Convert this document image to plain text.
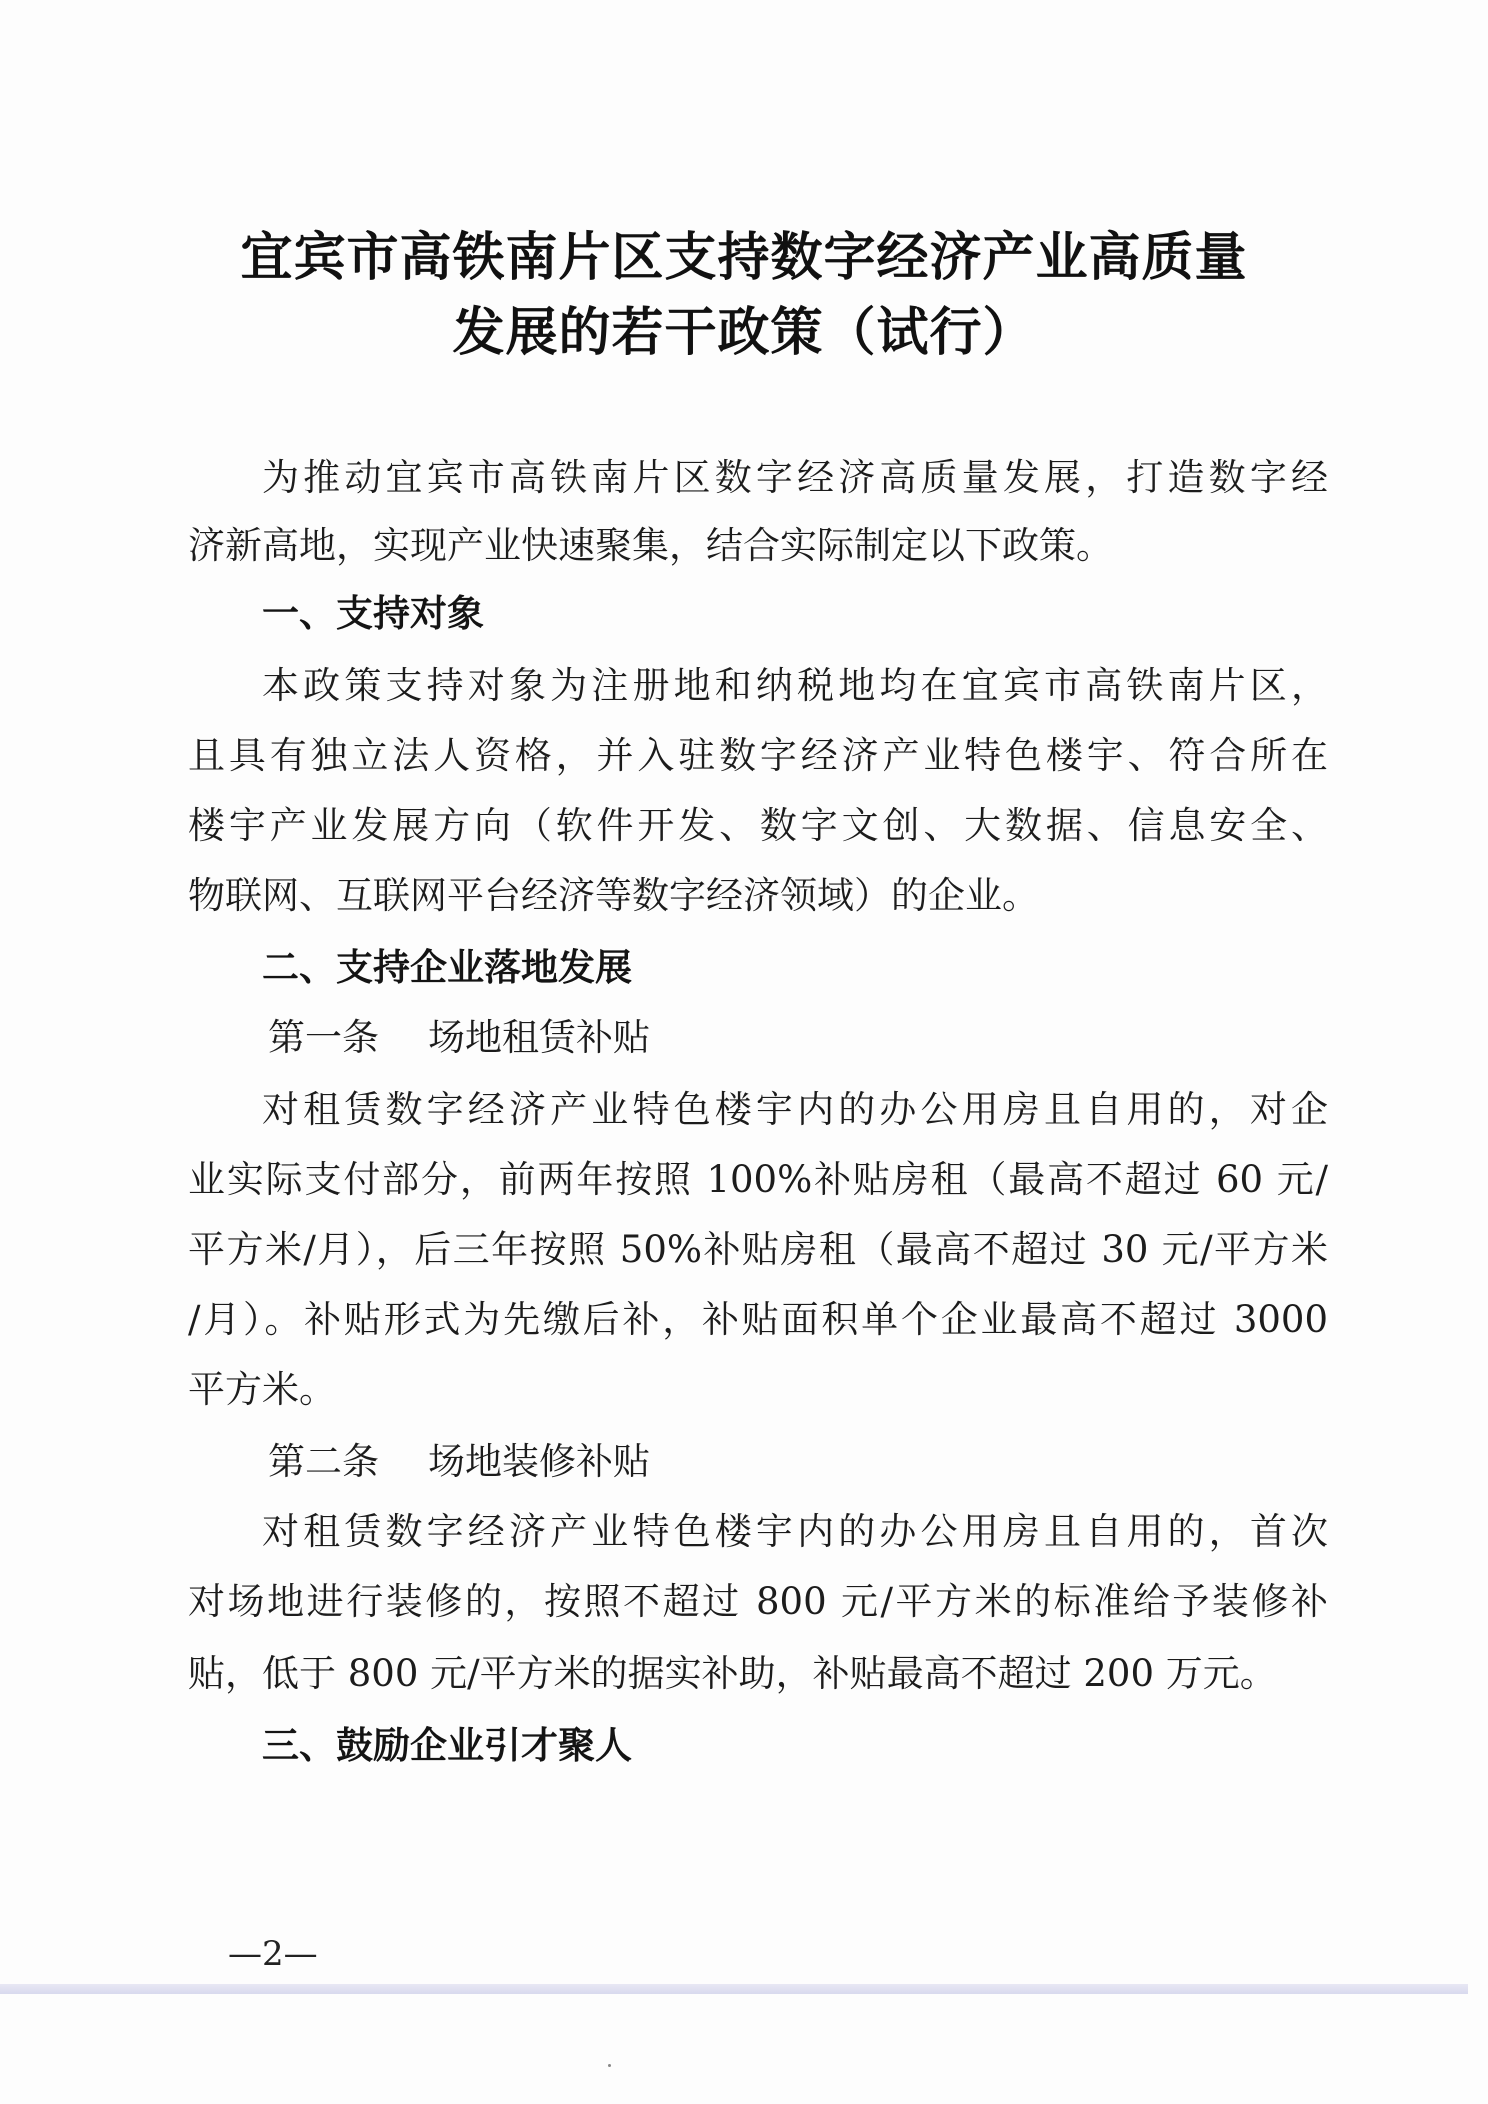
宜宾市高铁南片区支持数字经济产业高质量
发展的若干政策（试行）
为推动宜宾市高铁南片区数字经济高质量发展，打造数字经
济新高地，实现产业快速聚集，结合实际制定以下政策。
一、支持对象
本政策支持对象为注册地和纳税地均在宜宾市高铁南片区，
且具有独立法人资格，并入驻数字经济产业特色楼宇、符合所在
楼宇产业发展方向（软件开发、数字文创、大数据、信息安全、
物联网、互联网平台经济等数字经济领域）的企业。
二、支持企业落地发展
第一条 场地租赁补贴
对租赁数字经济产业特色楼宇内的办公用房且自用的，对企
业实际支付部分，前两年按照 100%补贴房租（最高不超过 60 元/
平方米/月），后三年按照 50%补贴房租（最高不超过 30 元/平方米
/月）。补贴形式为先缴后补，补贴面积单个企业最高不超过 3000
平方米。
第二条 场地装修补贴
对租赁数字经济产业特色楼宇内的办公用房且自用的，首次
对场地进行装修的，按照不超过 800 元/平方米的标准给予装修补
贴，低于 800 元/平方米的据实补助，补贴最高不超过 200 万元。
三、鼓励企业引才聚人
—2—
